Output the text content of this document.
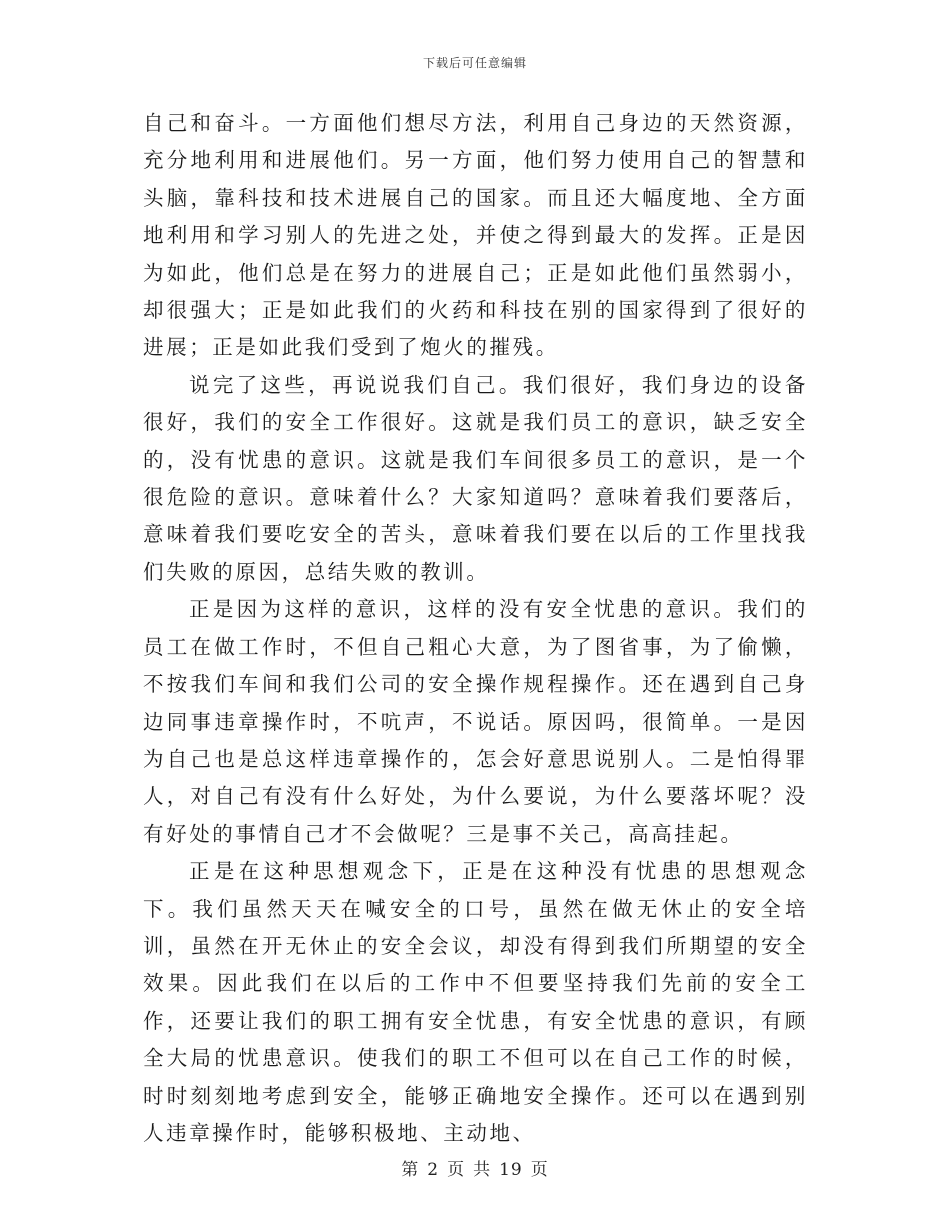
下载后可任意编辑

自己和奋斗。一方面他们想尽方法，利用自己身边的天然资源，充分地利用和进展他们。另一方面，他们努力使用自己的智慧和头脑，靠科技和技术进展自己的国家。而且还大幅度地、全方面地利用和学习别人的先进之处，并使之得到最大的发挥。正是因为如此，他们总是在努力的进展自己；正是如此他们虽然弱小，却很强大；正是如此我们的火药和科技在别的国家得到了很好的进展；正是如此我们受到了炮火的摧残。

说完了这些，再说说我们自己。我们很好，我们身边的设备很好，我们的安全工作很好。这就是我们员工的意识，缺乏安全的，没有忧患的意识。这就是我们车间很多员工的意识，是一个很危险的意识。意味着什么？大家知道吗？意味着我们要落后，意味着我们要吃安全的苦头，意味着我们要在以后的工作里找我们失败的原因，总结失败的教训。

正是因为这样的意识，这样的没有安全忧患的意识。我们的员工在做工作时，不但自己粗心大意，为了图省事，为了偷懒，不按我们车间和我们公司的安全操作规程操作。还在遇到自己身边同事违章操作时，不吭声，不说话。原因吗，很简单。一是因为自己也是总这样违章操作的，怎会好意思说别人。二是怕得罪人，对自己有没有什么好处，为什么要说，为什么要落坏呢？没有好处的事情自己才不会做呢？三是事不关己，高高挂起。

正是在这种思想观念下，正是在这种没有忧患的思想观念下。我们虽然天天在喊安全的口号，虽然在做无休止的安全培训，虽然在开无休止的安全会议，却没有得到我们所期望的安全效果。因此我们在以后的工作中不但要坚持我们先前的安全工作，还要让我们的职工拥有安全忧患，有安全忧患的意识，有顾全大局的忧患意识。使我们的职工不但可以在自己工作的时候，时时刻刻地考虑到安全，能够正确地安全操作。还可以在遇到别人违章操作时，能够积极地、主动地、

第 2 页 共 19 页
